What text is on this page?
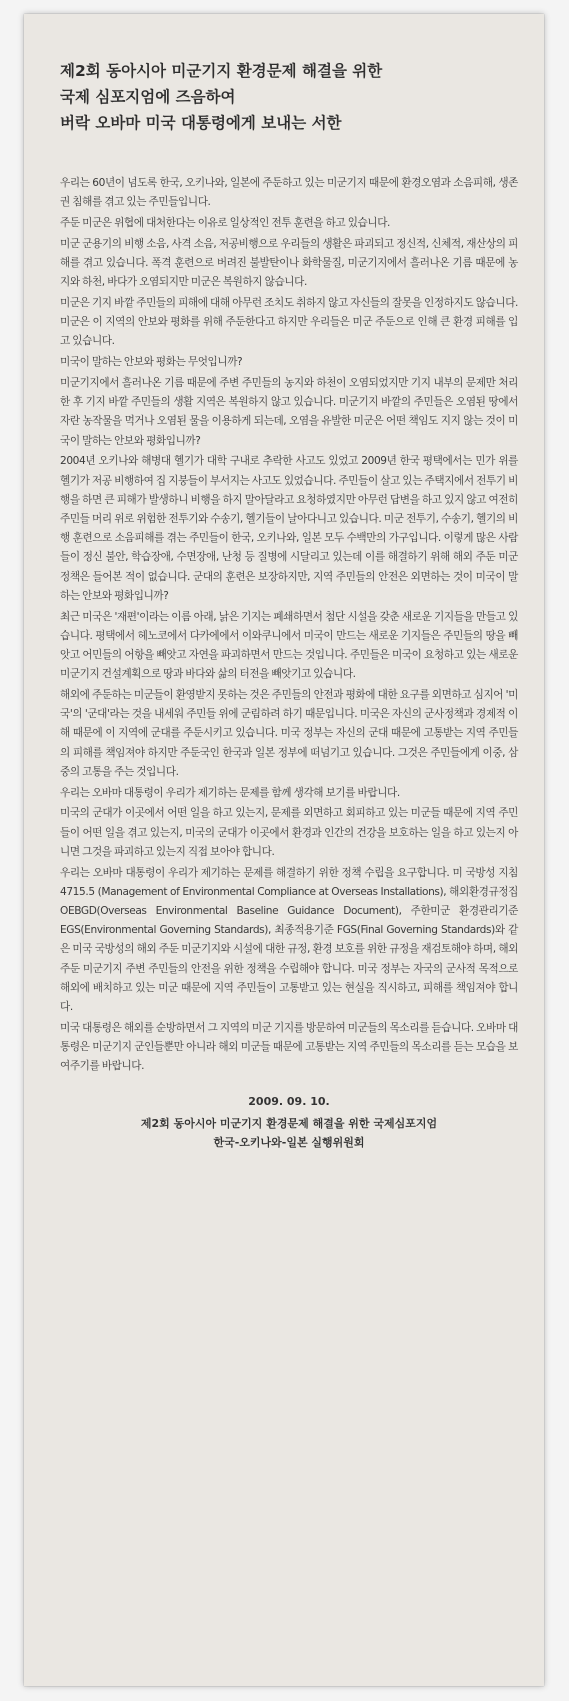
제2회 동아시아 미군기지 환경문제 해결을 위한
국제 심포지엄에 즈음하여
버락 오바마 미국 대통령에게 보내는 서한

우리는 60년이 넘도록 한국, 오키나와, 일본에 주둔하고 있는 미군기지 때문에 환경오염과 소음피해, 생존권 침해를 겪고 있는 주민들입니다.

주둔 미군은 위협에 대처한다는 이유로 일상적인 전투 훈련을 하고 있습니다.

미군 군용기의 비행 소음, 사격 소음, 저공비행으로 우리들의 생활은 파괴되고 정신적, 신체적, 재산상의 피해를 겪고 있습니다. 폭격 훈련으로 버려진 불발탄이나 화학물질, 미군기지에서 흘러나온 기름 때문에 농지와 하천, 바다가 오염되지만 미군은 복원하지 않습니다.

미군은 기지 바깥 주민들의 피해에 대해 아무런 조치도 취하지 않고 자신들의 잘못을 인정하지도 않습니다. 미군은 이 지역의 안보와 평화를 위해 주둔한다고 하지만 우리들은 미군 주둔으로 인해 큰 환경 피해를 입고 있습니다.

미국이 말하는 안보와 평화는 무엇입니까?

미군기지에서 흘러나온 기름 때문에 주변 주민들의 농지와 하천이 오염되었지만 기지 내부의 문제만 처리한 후 기지 바깥 주민들의 생활 지역은 복원하지 않고 있습니다. 미군기지 바깥의 주민들은 오염된 땅에서 자란 농작물을 먹거나 오염된 물을 이용하게 되는데, 오염을 유발한 미군은 어떤 책임도 지지 않는 것이 미국이 말하는 안보와 평화입니까?

2004년 오키나와 해병대 헬기가 대학 구내로 추락한 사고도 있었고 2009년 한국 평택에서는 민가 위를 헬기가 저공 비행하여 집 지붕들이 부서지는 사고도 있었습니다. 주민들이 살고 있는 주택지에서 전투기 비행을 하면 큰 피해가 발생하니 비행을 하지 말아달라고 요청하였지만 아무런 답변을 하고 있지 않고 여전히 주민들 머리 위로 위험한 전투기와 수송기, 헬기들이 날아다니고 있습니다. 미군 전투기, 수송기, 헬기의 비행 훈련으로 소음피해를 겪는 주민들이 한국, 오키나와, 일본 모두 수백만의 가구입니다. 이렇게 많은 사람들이 정신 불안, 학습장애, 수면장애, 난청 등 질병에 시달리고 있는데 이를 해결하기 위해 해외 주둔 미군 정책은 들어본 적이 없습니다. 군대의 훈련은 보장하지만, 지역 주민들의 안전은 외면하는 것이 미국이 말하는 안보와 평화입니까?

최근 미국은 '재편'이라는 이름 아래, 낡은 기지는 폐쇄하면서 첨단 시설을 갖춘 새로운 기지들을 만들고 있습니다. 평택에서 헤노코에서 다카에에서 이와쿠니에서 미국이 만드는 새로운 기지들은 주민들의 땅을 빼앗고 어민들의 어항을 빼앗고 자연을 파괴하면서 만드는 것입니다. 주민들은 미국이 요청하고 있는 새로운 미군기지 건설계획으로 땅과 바다와 삶의 터전을 빼앗기고 있습니다.

해외에 주둔하는 미군들이 환영받지 못하는 것은 주민들의 안전과 평화에 대한 요구를 외면하고 심지어 '미국'의 '군대'라는 것을 내세워 주민들 위에 군림하려 하기 때문입니다. 미국은 자신의 군사정책과 경제적 이해 때문에 이 지역에 군대를 주둔시키고 있습니다. 미국 정부는 자신의 군대 때문에 고통받는 지역 주민들의 피해를 책임져야 하지만 주둔국인 한국과 일본 정부에 떠넘기고 있습니다. 그것은 주민들에게 이중, 삼중의 고통을 주는 것입니다.

우리는 오바마 대통령이 우리가 제기하는 문제를 함께 생각해 보기를 바랍니다.

미국의 군대가 이곳에서 어떤 일을 하고 있는지, 문제를 외면하고 회피하고 있는 미군들 때문에 지역 주민들이 어떤 일을 겪고 있는지, 미국의 군대가 이곳에서 환경과 인간의 건강을 보호하는 일을 하고 있는지 아니면 그것을 파괴하고 있는지 직접 보아야 합니다.

우리는 오바마 대통령이 우리가 제기하는 문제를 해결하기 위한 정책 수립을 요구합니다. 미 국방성 지침 4715.5 (Management of Environmental Compliance at Overseas Installations), 해외환경규정집 OEBGD(Overseas Environmental Baseline Guidance Document), 주한미군 환경관리기준 EGS(Environmental Governing Standards), 최종적용기준 FGS(Final Governing Standards)와 같은 미국 국방성의 해외 주둔 미군기지와 시설에 대한 규정, 환경 보호를 위한 규정을 재검토해야 하며, 해외 주둔 미군기지 주변 주민들의 안전을 위한 정책을 수립해야 합니다. 미국 정부는 자국의 군사적 목적으로 해외에 배치하고 있는 미군 때문에 지역 주민들이 고통받고 있는 현실을 직시하고, 피해를 책임져야 합니다.

미국 대통령은 해외를 순방하면서 그 지역의 미군 기지를 방문하여 미군들의 목소리를 듣습니다. 오바마 대통령은 미군기지 군인들뿐만 아니라 해외 미군들 때문에 고통받는 지역 주민들의 목소리를 듣는 모습을 보여주기를 바랍니다.

2009. 09. 10.
제2회 동아시아 미군기지 환경문제 해결을 위한 국제심포지엄
한국-오키나와-일본 실행위원회
